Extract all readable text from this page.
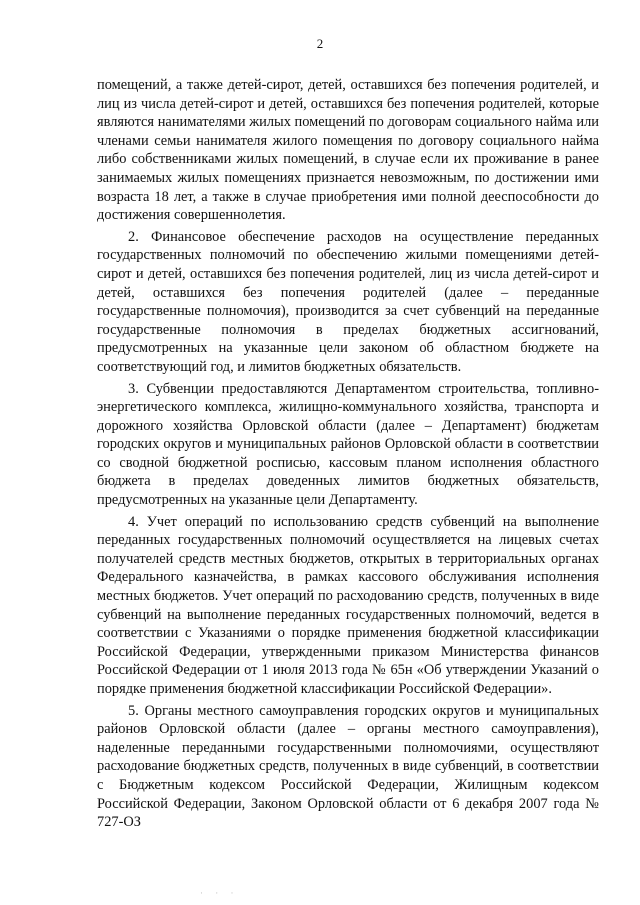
2

помещений, а также детей-сирот, детей, оставшихся без попечения родителей, и лиц из числа детей-сирот и детей, оставшихся без попечения родителей, которые являются нанимателями жилых помещений по договорам социального найма или членами семьи нанимателя жилого помещения по договору социального найма либо собственниками жилых помещений, в случае если их проживание в ранее занимаемых жилых помещениях признается невозможным, по достижении ими возраста 18 лет, а также в случае приобретения ими полной дееспособности до достижения совершеннолетия.

2. Финансовое обеспечение расходов на осуществление переданных государственных полномочий по обеспечению жилыми помещениями детей-сирот и детей, оставшихся без попечения родителей, лиц из числа детей-сирот и детей, оставшихся без попечения родителей (далее – переданные государственные полномочия), производится за счет субвенций на переданные государственные полномочия в пределах бюджетных ассигнований, предусмотренных на указанные цели законом об областном бюджете на соответствующий год, и лимитов бюджетных обязательств.

3. Субвенции предоставляются Департаментом строительства, топливно-энергетического комплекса, жилищно-коммунального хозяйства, транспорта и дорожного хозяйства Орловской области (далее – Департамент) бюджетам городских округов и муниципальных районов Орловской области в соответствии со сводной бюджетной росписью, кассовым планом исполнения областного бюджета в пределах доведенных лимитов бюджетных обязательств, предусмотренных на указанные цели Департаменту.

4. Учет операций по использованию средств субвенций на выполнение переданных государственных полномочий осуществляется на лицевых счетах получателей средств местных бюджетов, открытых в территориальных органах Федерального казначейства, в рамках кассового обслуживания исполнения местных бюджетов. Учет операций по расходованию средств, полученных в виде субвенций на выполнение переданных государственных полномочий, ведется в соответствии с Указаниями о порядке применения бюджетной классификации Российской Федерации, утвержденными приказом Министерства финансов Российской Федерации от 1 июля 2013 года № 65н «Об утверждении Указаний о порядке применения бюджетной классификации Российской Федерации».

5. Органы местного самоуправления городских округов и муниципальных районов Орловской области (далее – органы местного самоуправления), наделенные переданными государственными полномочиями, осуществляют расходование бюджетных средств, полученных в виде субвенций, в соответствии с Бюджетным кодексом Российской Федерации, Жилищным кодексом Российской Федерации, Законом Орловской области от 6 декабря 2007 года № 727-ОЗ

· · ·
